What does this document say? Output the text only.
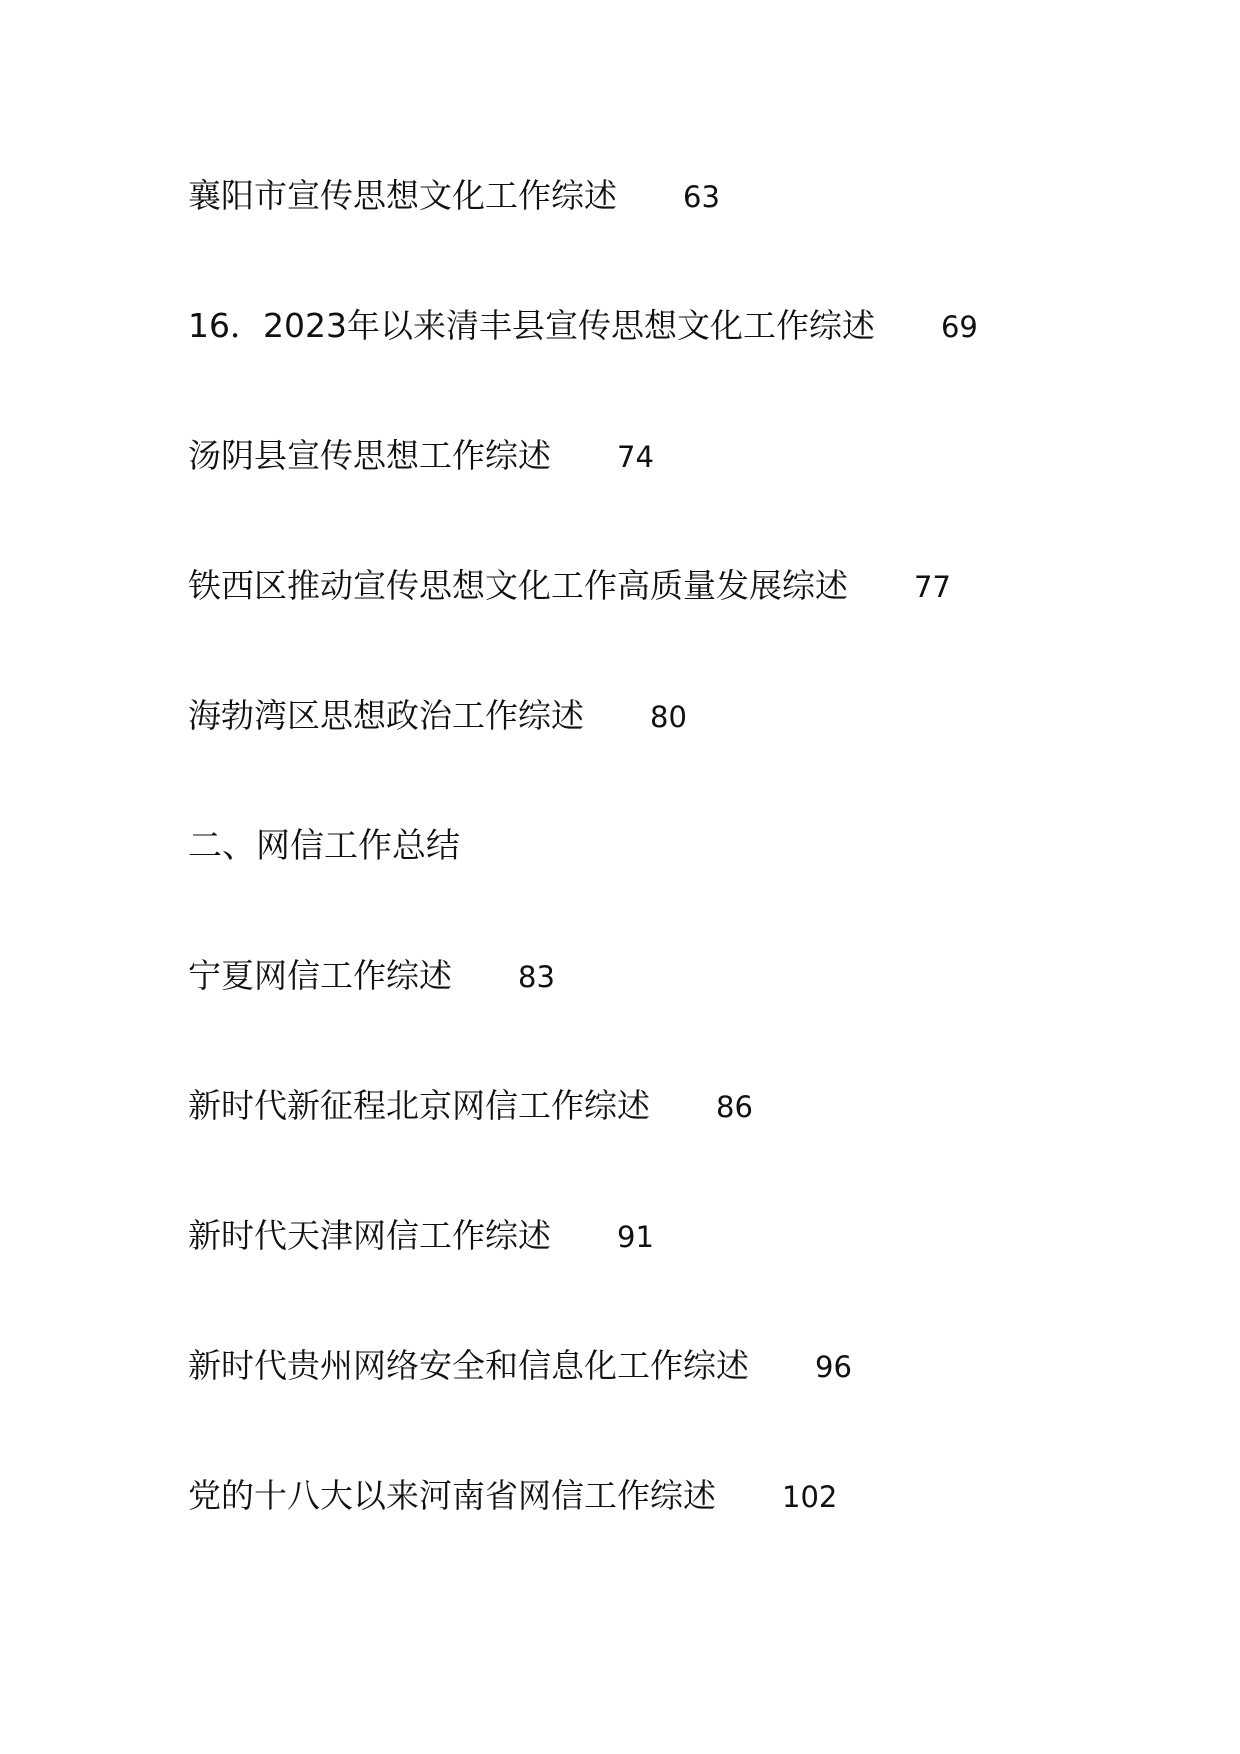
襄阳市宣传思想文化工作综述 63
16．2023年以来清丰县宣传思想文化工作综述 69
汤阴县宣传思想工作综述 74
铁西区推动宣传思想文化工作高质量发展综述 77
海勃湾区思想政治工作综述 80
二、网信工作总结
宁夏网信工作综述 83
新时代新征程北京网信工作综述 86
新时代天津网信工作综述 91
新时代贵州网络安全和信息化工作综述 96
党的十八大以来河南省网信工作综述 102
